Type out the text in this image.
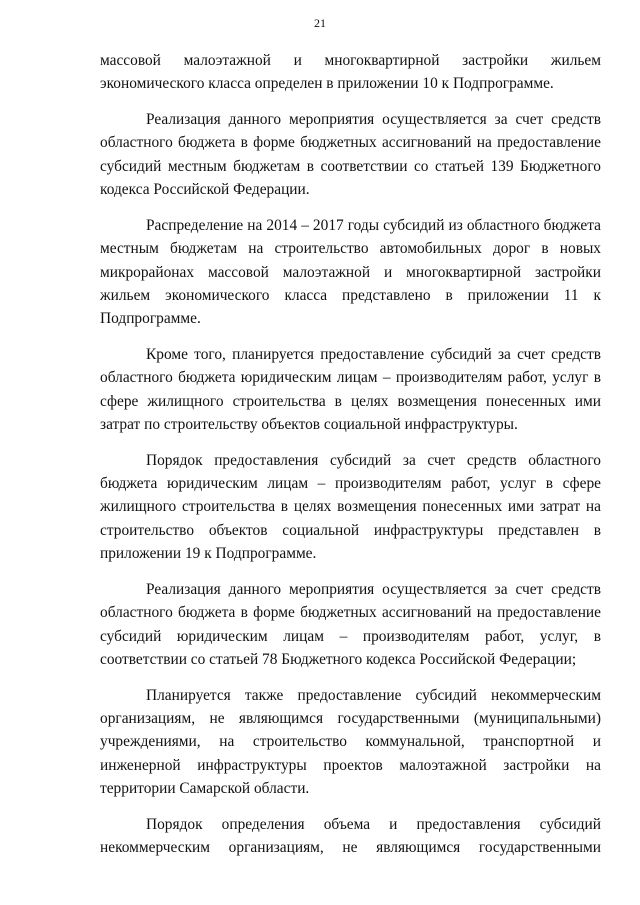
21

массовой малоэтажной и многоквартирной застройки жильем экономического класса определен в приложении 10 к Подпрограмме.

Реализация данного мероприятия осуществляется за счет средств областного бюджета в форме бюджетных ассигнований на предоставление субсидий местным бюджетам в соответствии со статьей 139 Бюджетного кодекса Российской Федерации.

Распределение на 2014 – 2017 годы субсидий из областного бюджета местным бюджетам на строительство автомобильных дорог в новых микрорайонах массовой малоэтажной и многоквартирной застройки жильем экономического класса представлено в приложении 11 к Подпрограмме.

Кроме того, планируется предоставление субсидий за счет средств областного бюджета юридическим лицам – производителям работ, услуг в сфере жилищного строительства в целях возмещения понесенных ими затрат по строительству объектов социальной инфраструктуры.

Порядок предоставления субсидий за счет средств областного бюджета юридическим лицам – производителям работ, услуг в сфере жилищного строительства в целях возмещения понесенных ими затрат на строительство объектов социальной инфраструктуры представлен в приложении 19 к Подпрограмме.

Реализация данного мероприятия осуществляется за счет средств областного бюджета в форме бюджетных ассигнований на предоставление субсидий юридическим лицам – производителям работ, услуг, в соответствии со статьей 78 Бюджетного кодекса Российской Федерации;

Планируется также предоставление субсидий некоммерческим организациям, не являющимся государственными (муниципальными) учреждениями, на строительство коммунальной, транспортной и инженерной инфраструктуры проектов малоэтажной застройки на территории Самарской области.

Порядок определения объема и предоставления субсидий некоммерческим организациям, не являющимся государственными
